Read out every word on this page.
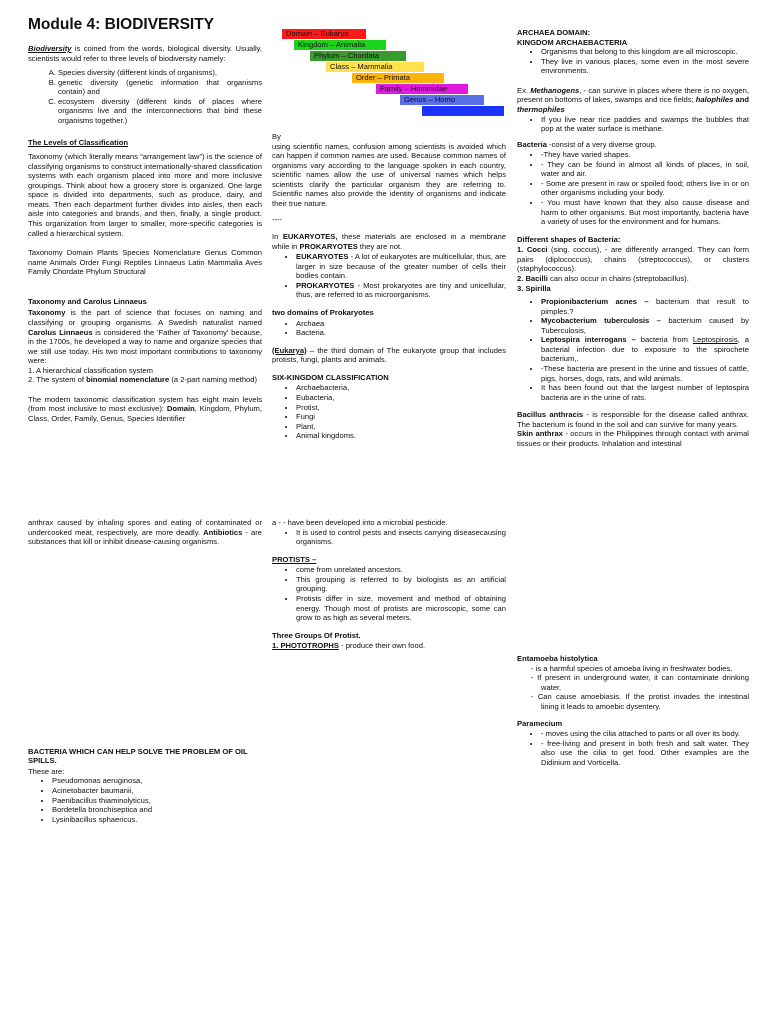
Module 4: BIODIVERSITY
Domain – Eukarya
Kingdom – Animalia
Phylum – Chordata
Class – Mammalia
Order – Primata
Family – Hominidae
Genus – Homo
Species – Sapien

Biodiversity is coined from the words, biological diversity. Usually, scientists would refer to three levels of biodiversity namely:

A. Species diversity (different kinds of organisms),
B. genetic diversity (genetic information that organisms contain) and
C. ecosystem diversity (different kinds of places where organisms live and the interconnections that bind these organisms together.)
The Levels of Classification

Taxonomy (which literally means “arrangement law”) is the science of classifying organisms to construct internationally-shared classification systems with each organism placed into more and more inclusive groupings. Think about how a grocery store is organized. One large space is divided into departments, such as produce, dairy, and meats. Then each department further divides into aisles, then each aisle into categories and brands, and then, finally, a single product. This organization from larger to smaller, more-specific categories is called a hierarchical system.

Taxonomy Domain Plants Species Nomenclature Genus Common name Animals Order Fungi Reptiles Linnaeus Latin Mammalia Aves Family Chordate Phylum Structural

Taxonomy and Carolus Linnaeus

Taxonomy is the part of science that focuses on naming and classifying or grouping organisms. A Swedish naturalist named Carolus Linnaeus is considered the 'Father of Taxonomy' because, in the 1700s, he developed a way to name and organize species that we still use today. His two most important contributions to taxonomy were:

1. A hierarchical classification system

2. The system of binomial nomenclature (a 2-part naming method)

The modern taxonomic classification system has eight main levels (from most inclusive to most exclusive): Domain, Kingdom, Phylum, Class, Order, Family, Genus, Species Identifier

By

using scientific names, confusion among scientists is avoided which can happen if common names are used. Because common names of organisms vary according to the language spoken in each country, scientific names allow the use of universal names which helps scientists clarify the particular organism they are referring to. Scientific names also provide the identity of organisms and indicate their true nature.

----

In EUKARYOTES, these materials are enclosed in a membrane while in PROKARYOTES they are not.

• EUKARYOTES - A lot of eukaryotes are multicellular, thus, are larger in size because of the greater number of cells their bodies contain.
• PROKARYOTES - Most prokaryotes are tiny and unicellular, thus, are referred to as microorganisms.
two domains of Prokaryotes
• Archaea
• Bacteria.

(Eukarya) – the third domain of The eukaryote group that includes protists, fungi, plants and animals.

SIX-KINGDOM CLASSIFICATION
• Archaebacteria,
• Eubacteria,
• Protist,
• Fungi
• Plant,
• Animal kingdoms.
ARCHAEA DOMAIN:
KINGDOM ARCHAEBACTERIA
• Organisms that belong to this kingdom are all microscopic.
• They live in various places, some even in the most severe environments.

Ex. Methanogens, - can survive in places where there is no oxygen, present on bottoms of lakes, swamps and rice fields; halophiles and thermophiles

• If you live near rice paddies and swamps the bubbles that pop at the water surface is methane.

Bacteria -consist of a very diverse group.

• -They have varied shapes.
• - They can be found in almost all kinds of places, in soil, water and air.
• - Some are present in raw or spoiled food; others live in or on other organisms including your body.
• - You must have known that they also cause disease and harm to other organisms. But most importantly, bacteria have a variety of uses for the environment and for humans.
Different shapes of Bacteria:

1. Cocci (sing. coccus), - are differently arranged. They can form pairs (diplococcus), chains (streptococcus), or clusters (staphylococcus).

2. Bacilli can also occur in chains (streptobacillus).
3. Spirilla
• Propionibacterium acnes – bacterium that result to pimples.?
• Mycobacterium tuberculosis – bacterium caused by Tuberculosis,
• Leptospira interrogans – bacteria from Leptospirosis, a bacterial infection due to exposure to the spirochete bacterium,.
• -These bacteria are present in the urine and tissues of cattle, pigs, horses, dogs, rats, and wild animals.
• It has been found out that the largest number of leptospira bacteria are in the urine of rats.

Bacillus anthracis - is responsible for the disease called anthrax. The bacterium is found in the soil and can survive for many years.

Skin anthrax - occurs in the Philippines through contact with animal tissues or their products. Inhalation and intestinal

anthrax caused by inhaling spores and eating of contaminated or undercooked meat, respectively, are more deadly. Antibiotics - are substances that kill or inhibit disease-causing organisms.

BACTERIA WHICH CAN HELP SOLVE THE PROBLEM OF OIL SPILLS.
These are:
• Pseudomonas aeruginosa,
• Acinetobacter baumanii,
• Paenibacillus thiaminolyticus,
• Bordetella bronchiseptica and
• Lysinibacillus sphaericus.
a - - have been developed into a microbial pesticide.
• It is used to control pests and insects carrying diseasecausing organisms.
PROTISTS –
• come from unrelated ancestors.
• This grouping is referred to by biologists as an artificial grouping.
• Protists differ in size, movement and method of obtaining energy. Though most of protists are microscopic, some can grow to as high as several meters.
Three Groups Of Protist.
1. PHOTOTROPHS - produce their own food.
Entamoeba histolytica
- is a harmful species of amoeba living in freshwater bodies.
- If present in underground water, it can contaminate drinking water.
- Can cause amoebiasis. If the protist invades the intestinal lining it leads to amoebic dysentery.
Paramecium
• - moves using the cilia attached to parts or all over its body.
• - free-living and present in both fresh and salt water. They also use the cilia to get food. Other examples are the Didinium and Vorticella.
